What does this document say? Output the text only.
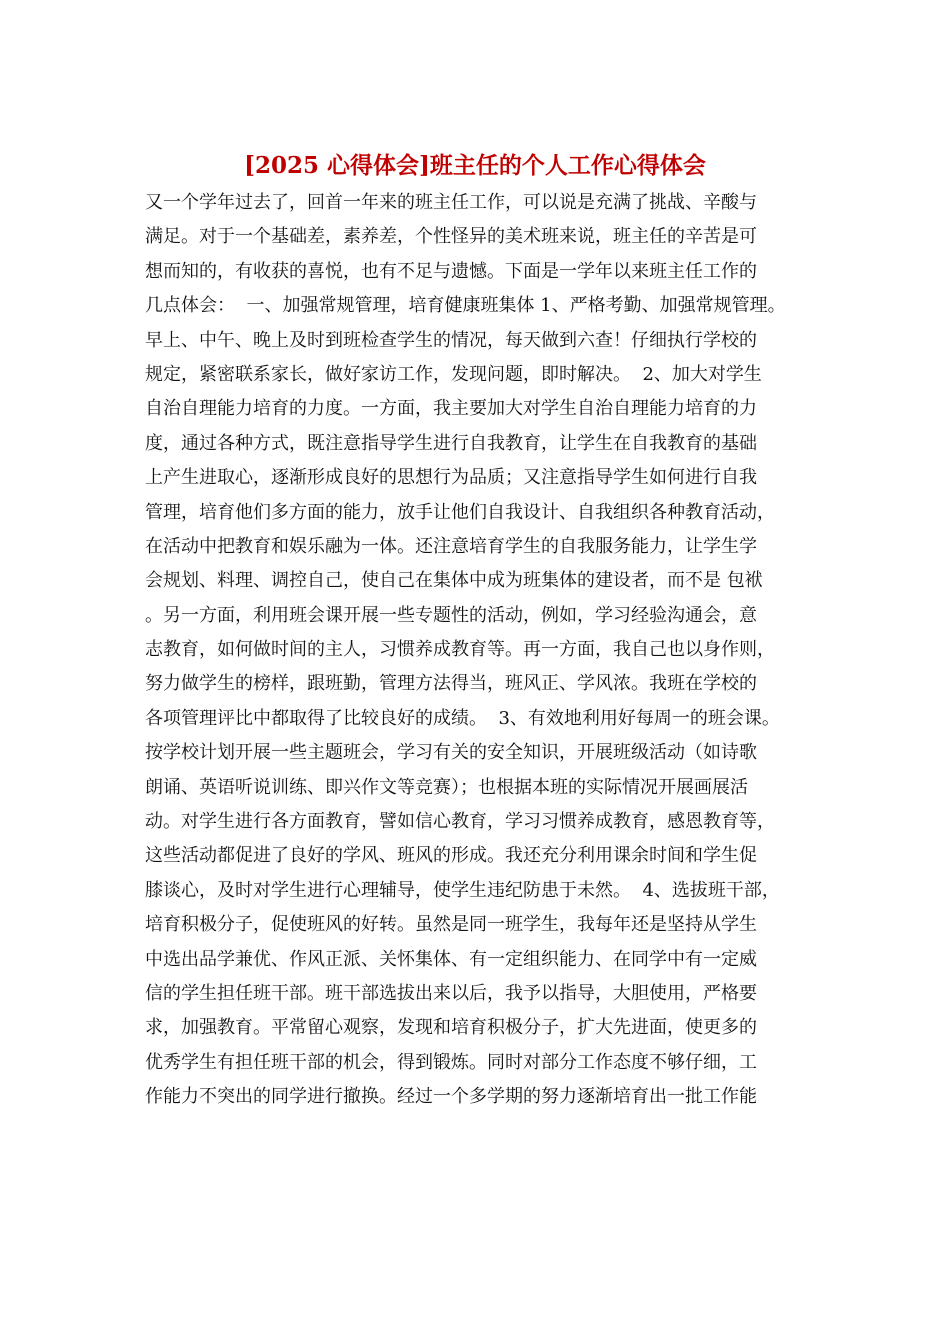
[2025 心得体会]班主任的个人工作心得体会
又一个学年过去了，回首一年来的班主任工作，可以说是充满了挑战、辛酸与
满足。对于一个基础差，素养差，个性怪异的美术班来说，班主任的辛苦是可
想而知的，有收获的喜悦，也有不足与遗憾。下面是一学年以来班主任工作的
几点体会：  一、加强常规管理，培育健康班集体 1、严格考勤、加强常规管理。
早上、中午、晚上及时到班检查学生的情况，每天做到六查！仔细执行学校的
规定，紧密联系家长，做好家访工作，发现问题，即时解决。  2、加大对学生
自治自理能力培育的力度。一方面，我主要加大对学生自治自理能力培育的力
度，通过各种方式，既注意指导学生进行自我教育，让学生在自我教育的基础
上产生进取心，逐渐形成良好的思想行为品质；又注意指导学生如何进行自我
管理，培育他们多方面的能力，放手让他们自我设计、自我组织各种教育活动，
在活动中把教育和娱乐融为一体。还注意培育学生的自我服务能力，让学生学
会规划、料理、调控自己，使自己在集体中成为班集体的建设者，而不是 包袱
。另一方面，利用班会课开展一些专题性的活动，例如，学习经验沟通会，意
志教育，如何做时间的主人，习惯养成教育等。再一方面，我自己也以身作则，
努力做学生的榜样，跟班勤，管理方法得当，班风正、学风浓。我班在学校的
各项管理评比中都取得了比较良好的成绩。  3、有效地利用好每周一的班会课。
按学校计划开展一些主题班会，学习有关的安全知识，开展班级活动（如诗歌
朗诵、英语听说训练、即兴作文等竞赛）；也根据本班的实际情况开展画展活
动。对学生进行各方面教育，譬如信心教育，学习习惯养成教育，感恩教育等，
这些活动都促进了良好的学风、班风的形成。我还充分利用课余时间和学生促
膝谈心，及时对学生进行心理辅导，使学生违纪防患于未然。  4、选拔班干部，
培育积极分子，促使班风的好转。虽然是同一班学生，我每年还是坚持从学生
中选出品学兼优、作风正派、关怀集体、有一定组织能力、在同学中有一定威
信的学生担任班干部。班干部选拔出来以后，我予以指导，大胆使用，严格要
求，加强教育。平常留心观察，发现和培育积极分子，扩大先进面，使更多的
优秀学生有担任班干部的机会，得到锻炼。同时对部分工作态度不够仔细，工
作能力不突出的同学进行撤换。经过一个多学期的努力逐渐培育出一批工作能
